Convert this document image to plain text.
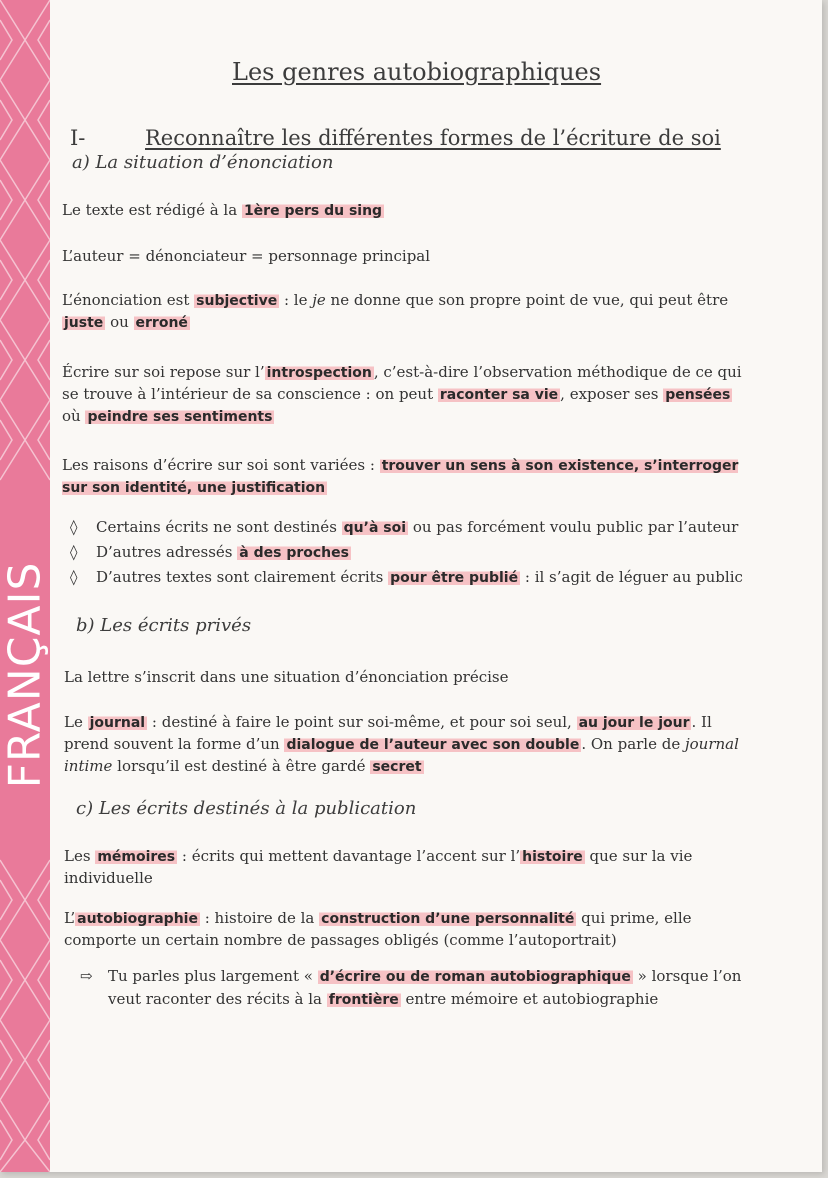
FRANÇAIS
Les genres autobiographiques
I-	Reconnaître les différentes formes de l’écriture de soi
a) La situation d’énonciation
Le texte est rédigé à la 1ère pers du sing
L’auteur = dénonciateur = personnage principal
L’énonciation est subjective : le je ne donne que son propre point de vue, qui peut être juste ou erroné
Écrire sur soi repose sur l’ introspection , c’est-à-dire l’observation méthodique de ce qui se trouve à l’intérieur de sa conscience : on peut raconter sa vie , exposer ses pensées où peindre ses sentiments
Les raisons d’écrire sur soi sont variées : trouver un sens à son existence, s’interroger sur son identité, une justification
◊	Certains écrits ne sont destinés qu’à soi ou pas forcément voulu public par l’auteur
◊	D’autres adressés à des proches
◊	D’autres textes sont clairement écrits pour être publié : il s’agit de léguer au public
b) Les écrits privés
La lettre s’inscrit dans une situation d’énonciation précise
Le journal : destiné à faire le point sur soi-même, et pour soi seul, au jour le jour . Il prend souvent la forme d’un dialogue de l’auteur avec son double . On parle de journal intime lorsqu’il est destiné à être gardé secret
c) Les écrits destinés à la publication
Les mémoires : écrits qui mettent davantage l’accent sur l’ histoire que sur la vie individuelle
L’ autobiographie : histoire de la construction d’une personnalité qui prime, elle comporte un certain nombre de passages obligés (comme l’autoportrait)
⇨	Tu parles plus largement « d’écrire ou de roman autobiographique » lorsque l’on veut raconter des récits à la frontière entre mémoire et autobiographie
